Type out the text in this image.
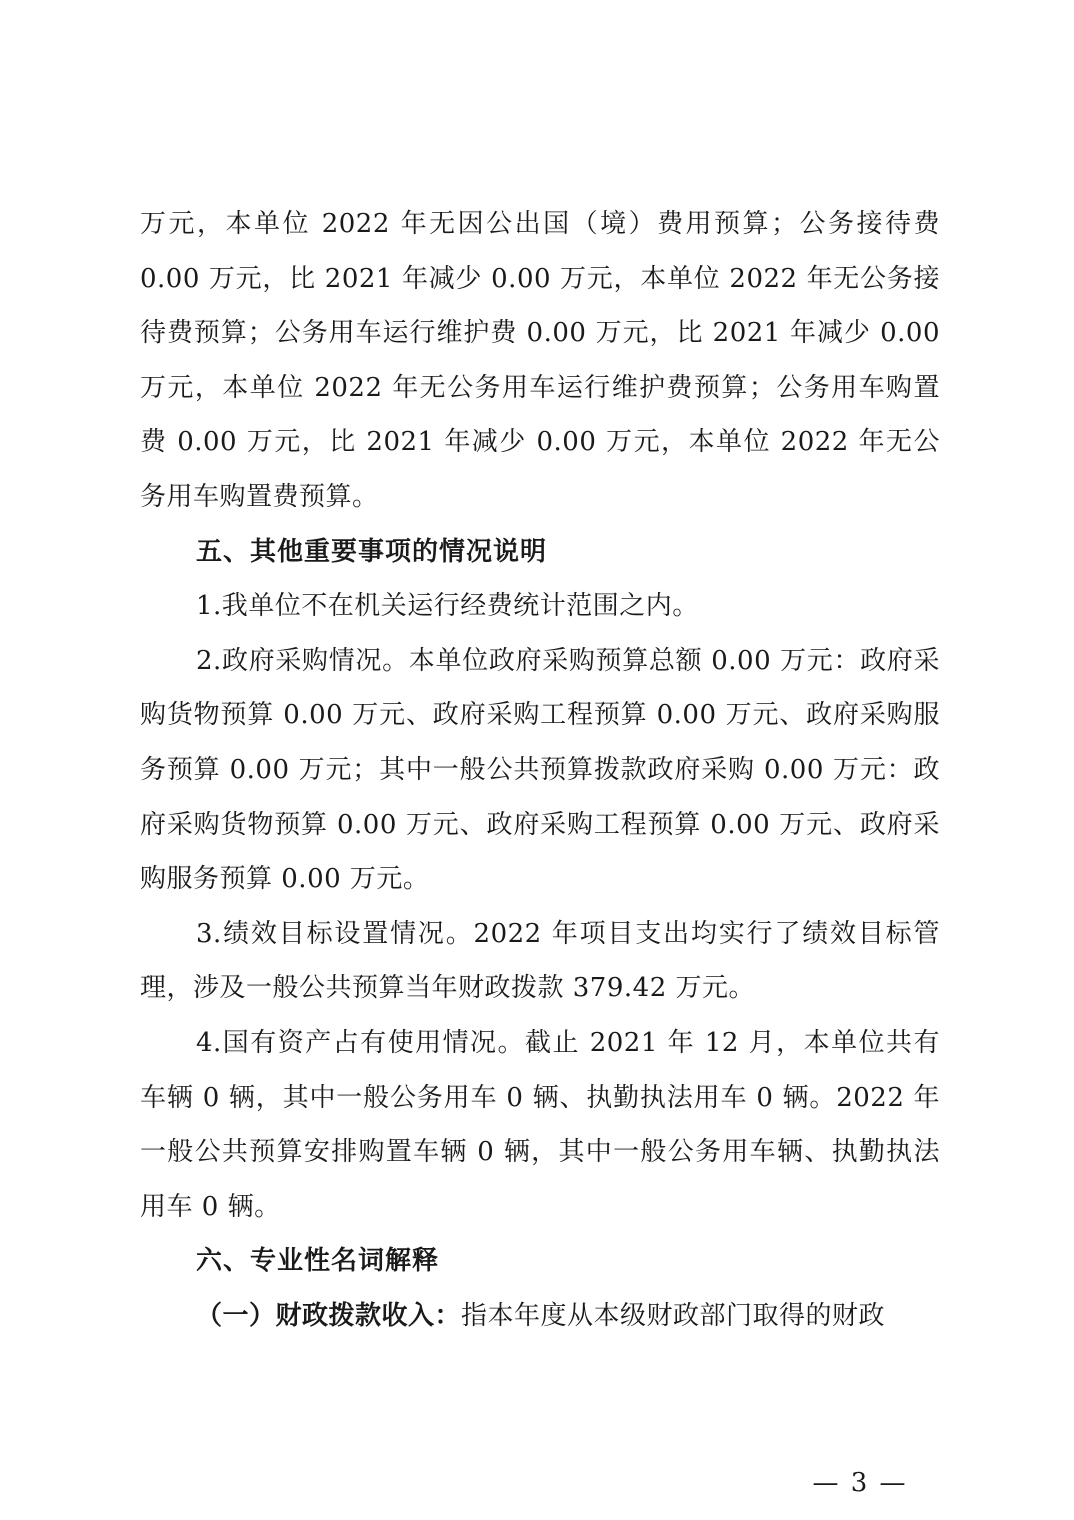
万元，本单位 2022 年无因公出国（境）费用预算；公务接待费 0.00 万元，比 2021 年减少 0.00 万元，本单位 2022 年无公务接待费预算；公务用车运行维护费 0.00 万元，比 2021 年减少 0.00 万元，本单位 2022 年无公务用车运行维护费预算；公务用车购置费 0.00 万元，比 2021 年减少 0.00 万元，本单位 2022 年无公务用车购置费预算。

五、其他重要事项的情况说明

1.我单位不在机关运行经费统计范围之内。

2.政府采购情况。本单位政府采购预算总额 0.00 万元：政府采购货物预算 0.00 万元、政府采购工程预算 0.00 万元、政府采购服务预算 0.00 万元；其中一般公共预算拨款政府采购 0.00 万元：政府采购货物预算 0.00 万元、政府采购工程预算 0.00 万元、政府采购服务预算 0.00 万元。

3.绩效目标设置情况。2022 年项目支出均实行了绩效目标管理，涉及一般公共预算当年财政拨款 379.42 万元。

4.国有资产占有使用情况。截止 2021 年 12 月，本单位共有车辆 0 辆，其中一般公务用车 0 辆、执勤执法用车 0 辆。2022 年一般公共预算安排购置车辆 0 辆，其中一般公务用车辆、执勤执法用车 0 辆。

六、专业性名词解释

（一）财政拨款收入：指本年度从本级财政部门取得的财政

— 3 —
